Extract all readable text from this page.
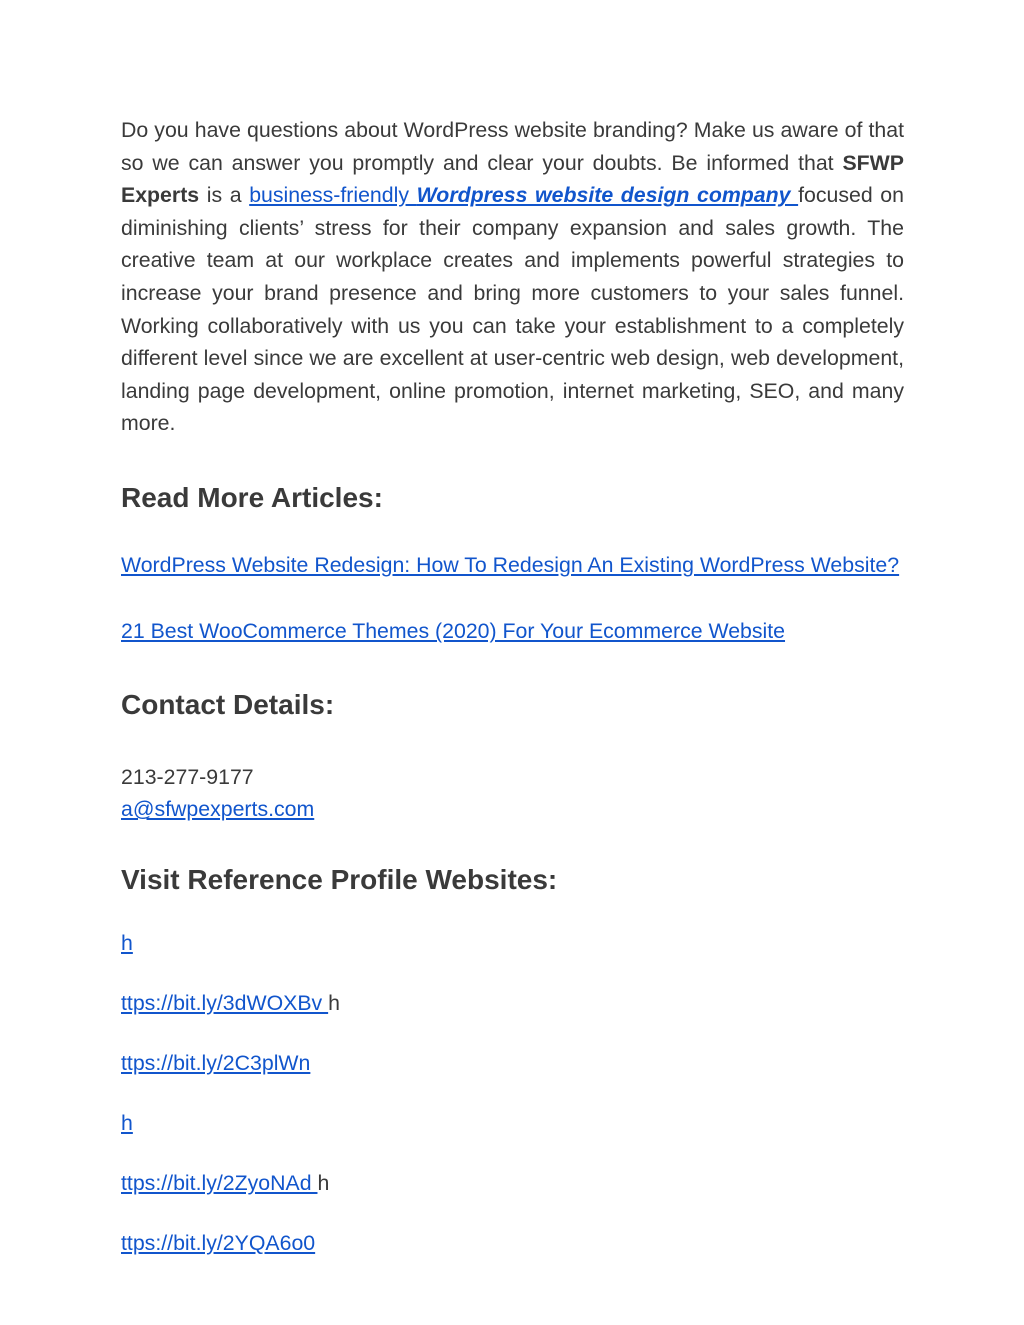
Do you have questions about WordPress website branding? Make us aware of that so we can answer you promptly and clear your doubts. Be informed that SFWP Experts is a business-friendly Wordpress website design company focused on diminishing clients’ stress for their company expansion and sales growth. The creative team at our workplace creates and implements powerful strategies to increase your brand presence and bring more customers to your sales funnel. Working collaboratively with us you can take your establishment to a completely different level since we are excellent at user-centric web design, web development, landing page development, online promotion, internet marketing, SEO, and many more.

Read More Articles:
WordPress Website Redesign: How To Redesign An Existing WordPress Website?
21 Best WooCommerce Themes (2020) For Your Ecommerce Website
Contact Details:
213-277-9177
a@sfwpexperts.com
Visit Reference Profile Websites:
h
ttps://bit.ly/3dWOXBv h
ttps://bit.ly/2C3plWn
h
ttps://bit.ly/2ZyoNAd h
ttps://bit.ly/2YQA6o0
